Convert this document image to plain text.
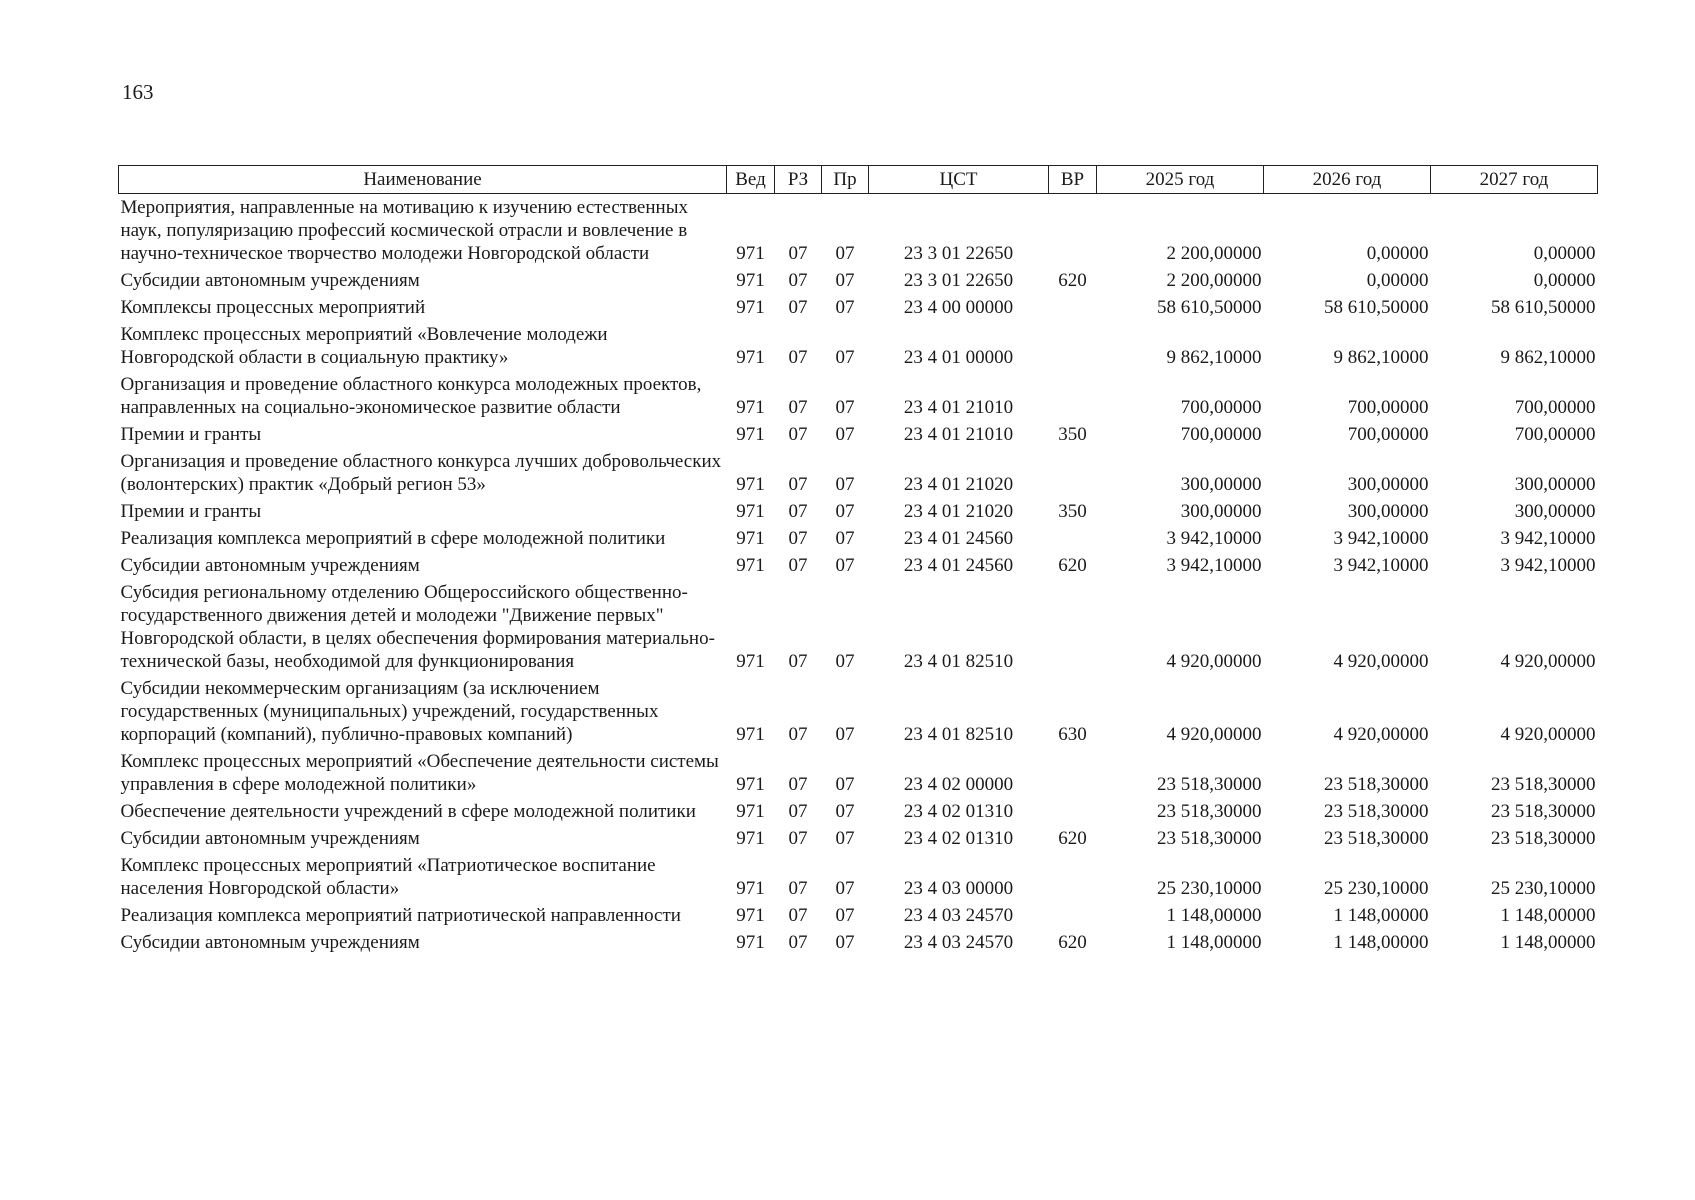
163
Наименование	Вед	РЗ	Пр	ЦСТ	ВР	2025 год	2026 год	2027 год
Мероприятия, направленные на мотивацию к изучению естественных наук, популяризацию профессий космической отрасли и вовлечение в научно-техническое творчество молодежи Новгородской области	971	07	07	23 3 01 22650		2 200,00000	0,00000	0,00000
Субсидии автономным учреждениям	971	07	07	23 3 01 22650	620	2 200,00000	0,00000	0,00000
Комплексы процессных мероприятий	971	07	07	23 4 00 00000		58 610,50000	58 610,50000	58 610,50000
Комплекс процессных мероприятий «Вовлечение молодежи Новгородской области в социальную практику»	971	07	07	23 4 01 00000		9 862,10000	9 862,10000	9 862,10000
Организация и проведение областного конкурса молодежных проектов, направленных на социально-экономическое развитие области	971	07	07	23 4 01 21010		700,00000	700,00000	700,00000
Премии и гранты	971	07	07	23 4 01 21010	350	700,00000	700,00000	700,00000
Организация и проведение областного конкурса лучших добровольческих (волонтерских) практик «Добрый регион 53»	971	07	07	23 4 01 21020		300,00000	300,00000	300,00000
Премии и гранты	971	07	07	23 4 01 21020	350	300,00000	300,00000	300,00000
Реализация комплекса мероприятий в сфере молодежной политики	971	07	07	23 4 01 24560		3 942,10000	3 942,10000	3 942,10000
Субсидии автономным учреждениям	971	07	07	23 4 01 24560	620	3 942,10000	3 942,10000	3 942,10000
Субсидия региональному отделению Общероссийского общественно-государственного движения детей и молодежи "Движение первых" Новгородской области, в целях обеспечения формирования материально-технической базы, необходимой для функционирования	971	07	07	23 4 01 82510		4 920,00000	4 920,00000	4 920,00000
Субсидии некоммерческим организациям (за исключением государственных (муниципальных) учреждений, государственных корпораций (компаний), публично-правовых компаний)	971	07	07	23 4 01 82510	630	4 920,00000	4 920,00000	4 920,00000
Комплекс процессных мероприятий «Обеспечение деятельности системы управления в сфере молодежной политики»	971	07	07	23 4 02 00000		23 518,30000	23 518,30000	23 518,30000
Обеспечение деятельности учреждений в сфере молодежной политики	971	07	07	23 4 02 01310		23 518,30000	23 518,30000	23 518,30000
Субсидии автономным учреждениям	971	07	07	23 4 02 01310	620	23 518,30000	23 518,30000	23 518,30000
Комплекс процессных мероприятий «Патриотическое воспитание населения Новгородской области»	971	07	07	23 4 03 00000		25 230,10000	25 230,10000	25 230,10000
Реализация комплекса мероприятий патриотической направленности	971	07	07	23 4 03 24570		1 148,00000	1 148,00000	1 148,00000
Субсидии автономным учреждениям	971	07	07	23 4 03 24570	620	1 148,00000	1 148,00000	1 148,00000
